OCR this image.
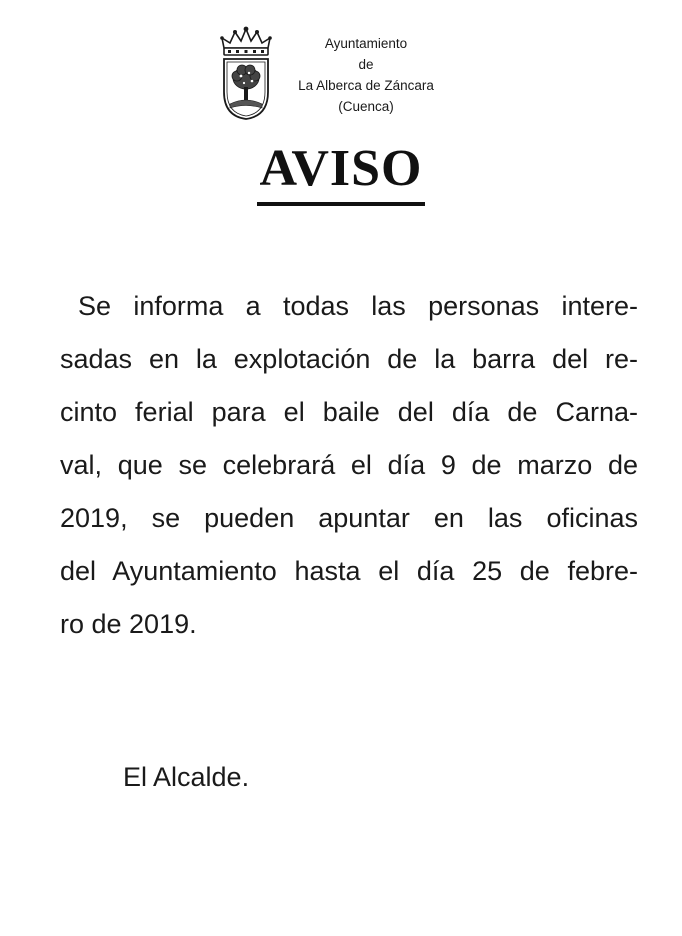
Ayuntamiento
de
La Alberca de Záncara
(Cuenca)
AVISO
Se informa a todas las personas intere-
sadas en la explotación de la barra del re-
cinto ferial para el baile del día de Carna-
val, que se celebrará el día 9 de marzo de
2019, se pueden apuntar en las oficinas
del Ayuntamiento hasta el día 25 de febre-
ro de 2019.
El Alcalde.
